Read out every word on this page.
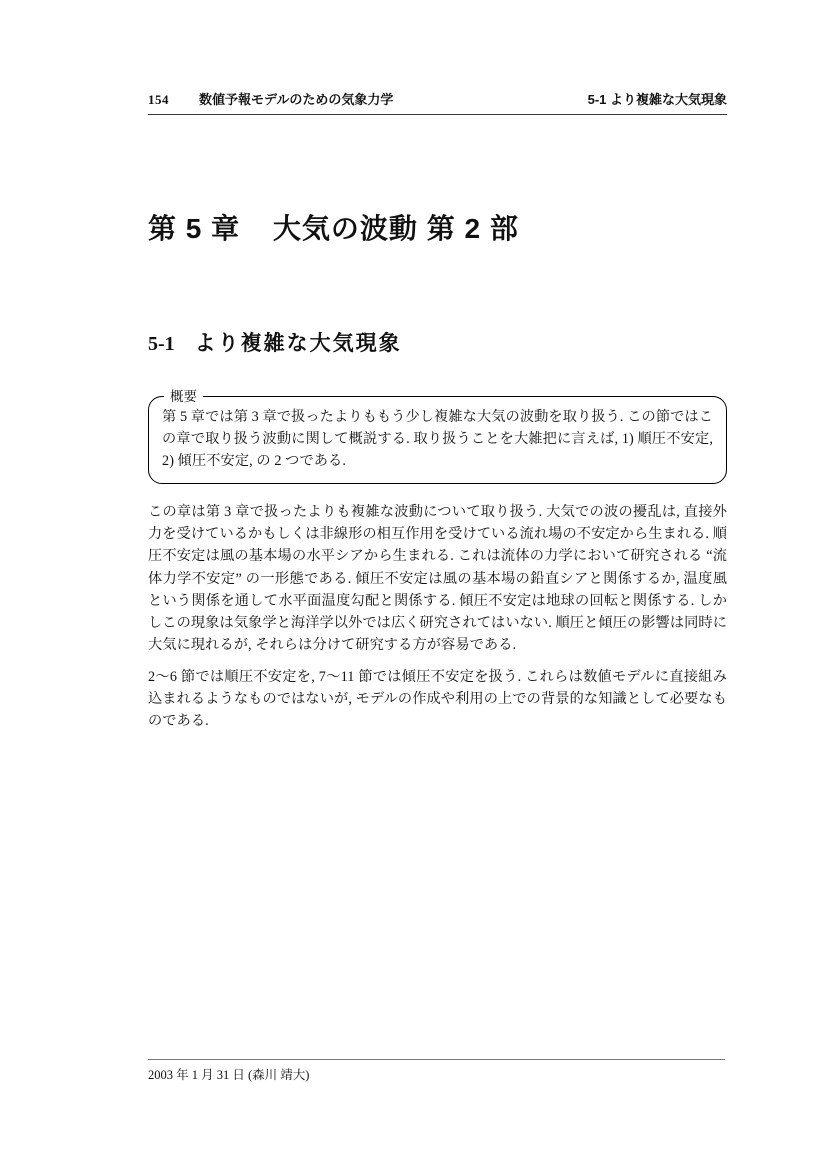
154 数値予報モデルのための気象力学	5-1 より複雑な大気現象
第 5 章 大気の波動 第 2 部
5-1 より複雑な大気現象
概要
第 5 章では第 3 章で扱ったよりももう少し複雑な大気の波動を取り扱う. この節ではこの章で取り扱う波動に関して概説する. 取り扱うことを大雑把に言えば, 1) 順圧不安定, 2) 傾圧不安定, の 2 つである.
この章は第 3 章で扱ったよりも複雑な波動について取り扱う. 大気での波の擾乱は, 直接外力を受けているかもしくは非線形の相互作用を受けている流れ場の不安定から生まれる. 順圧不安定は風の基本場の水平シアから生まれる. これは流体の力学において研究される “流体力学不安定” の一形態である. 傾圧不安定は風の基本場の鉛直シアと関係するか, 温度風という関係を通して水平面温度勾配と関係する. 傾圧不安定は地球の回転と関係する. しかしこの現象は気象学と海洋学以外では広く研究されてはいない. 順圧と傾圧の影響は同時に大気に現れるが, それらは分けて研究する方が容易である.
2〜6 節では順圧不安定を, 7〜11 節では傾圧不安定を扱う. これらは数値モデルに直接組み込まれるようなものではないが, モデルの作成や利用の上での背景的な知識として必要なものである.
2003 年 1 月 31 日 (森川 靖大)
